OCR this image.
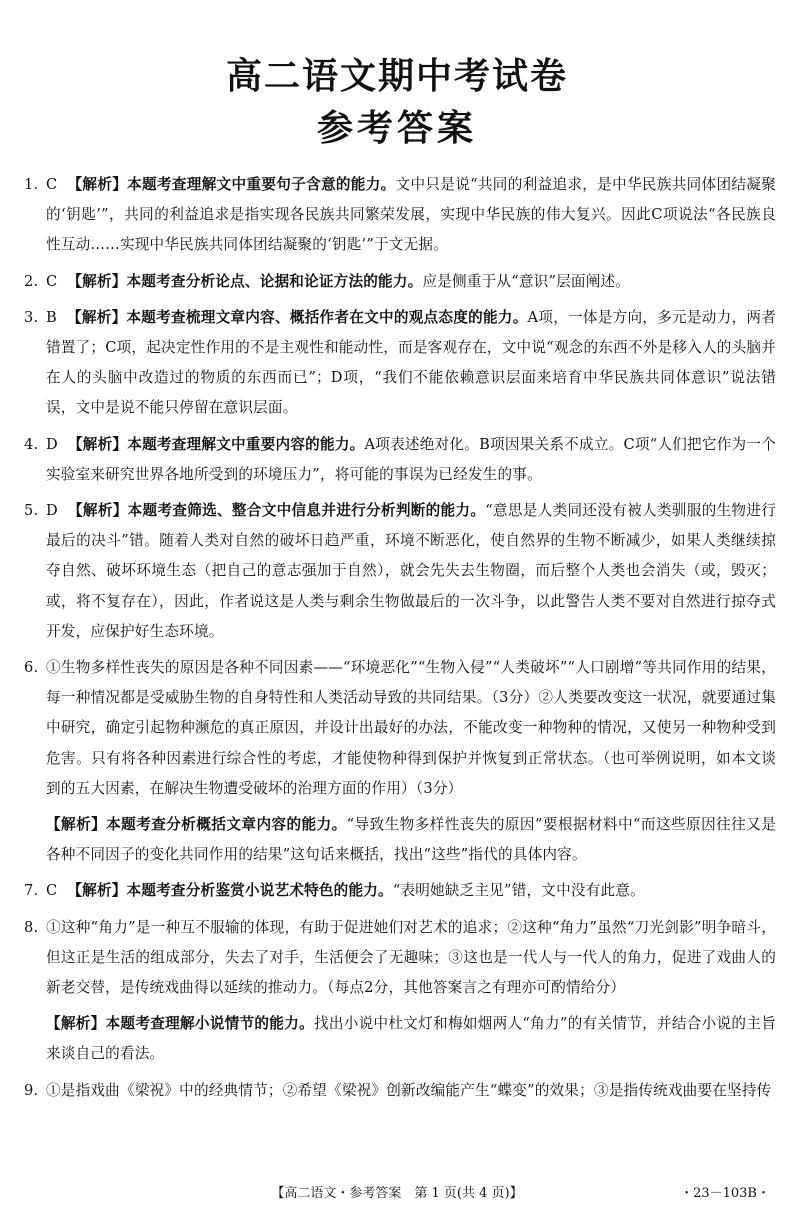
高二语文期中考试卷
参考答案
1. C 【解析】本题考查理解文中重要句子含意的能力。文中只是说“共同的利益追求，是中华民族共同体团结凝聚的‘钥匙’”，共同的利益追求是指实现各民族共同繁荣发展，实现中华民族的伟大复兴。因此C项说法“各民族良性互动……实现中华民族共同体团结凝聚的‘钥匙’”于文无据。
2. C 【解析】本题考查分析论点、论据和论证方法的能力。应是侧重于从“意识”层面阐述。
3. B 【解析】本题考查梳理文章内容、概括作者在文中的观点态度的能力。A项，一体是方向，多元是动力，两者错置了；C项，起决定性作用的不是主观性和能动性，而是客观存在，文中说“观念的东西不外是移入人的头脑并在人的头脑中改造过的物质的东西而已”；D项，“我们不能依赖意识层面来培育中华民族共同体意识”说法错误，文中是说不能只停留在意识层面。
4. D 【解析】本题考查理解文中重要内容的能力。A项表述绝对化。B项因果关系不成立。C项“人们把它作为一个实验室来研究世界各地所受到的环境压力”，将可能的事误为已经发生的事。
5. D 【解析】本题考查筛选、整合文中信息并进行分析判断的能力。“意思是人类同还没有被人类驯服的生物进行最后的决斗”错。随着人类对自然的破坏日趋严重，环境不断恶化，使自然界的生物不断减少，如果人类继续掠夺自然、破坏环境生态（把自己的意志强加于自然），就会先失去生物圈，而后整个人类也会消失（或，毁灭；或，将不复存在），因此，作者说这是人类与剩余生物做最后的一次斗争，以此警告人类不要对自然进行掠夺式开发，应保护好生态环境。
6. ①生物多样性丧失的原因是各种不同因素——“环境恶化”“生物入侵”“人类破坏”“人口剧增”等共同作用的结果，每一种情况都是受威胁生物的自身特性和人类活动导致的共同结果。（3分）②人类要改变这一状况，就要通过集中研究，确定引起物种濒危的真正原因，并设计出最好的办法，不能改变一种物种的情况，又使另一种物种受到危害。只有将各种因素进行综合性的考虑，才能使物种得到保护并恢复到正常状态。（也可举例说明，如本文谈到的五大因素，在解决生物遭受破坏的治理方面的作用）（3分）
【解析】本题考查分析概括文章内容的能力。“导致生物多样性丧失的原因”要根据材料中“而这些原因往往又是各种不同因子的变化共同作用的结果”这句话来概括，找出“这些”指代的具体内容。
7. C 【解析】本题考查分析鉴赏小说艺术特色的能力。“表明她缺乏主见”错，文中没有此意。
8. ①这种“角力”是一种互不服输的体现，有助于促进她们对艺术的追求；②这种“角力”虽然“刀光剑影”明争暗斗，但这正是生活的组成部分，失去了对手，生活便会了无趣味；③这也是一代人与一代人的角力，促进了戏曲人的新老交替，是传统戏曲得以延续的推动力。（每点2分，其他答案言之有理亦可酌情给分）
【解析】本题考查理解小说情节的能力。找出小说中杜文灯和梅如烟两人“角力”的有关情节，并结合小说的主旨来谈自己的看法。
9. ①是指戏曲《梁祝》中的经典情节；②希望《梁祝》创新改编能产生“蝶变”的效果；③是指传统戏曲要在坚持传
【高二语文・参考答案　第 1 页(共 4 页)】	・23－103B・
